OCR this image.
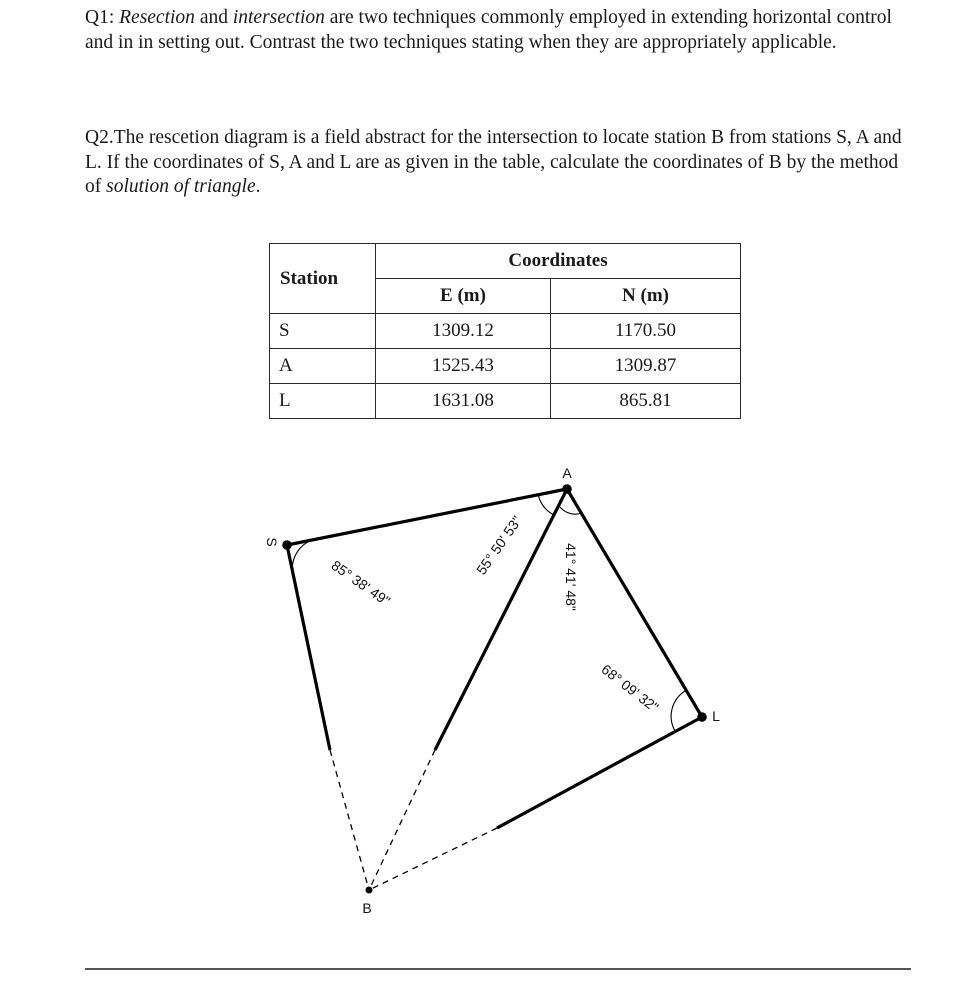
Q1: Resection and intersection are two techniques commonly employed in extending horizontal control and in in setting out. Contrast the two techniques stating when they are appropriately applicable.

Q2.The rescetion diagram is a field abstract for the intersection to locate station B from stations S, A and L. If the coordinates of S, A and L are as given in the table, calculate the coordinates of B by the method of solution of triangle.

Station	Coordinates	
	E (m)	N (m)
S	1309.12	1170.50
A	1525.43	1309.87
L	1631.08	865.81
S
A
L
B
85° 38' 49"
55° 50' 53"	41° 41' 48"
68° 09' 32"
